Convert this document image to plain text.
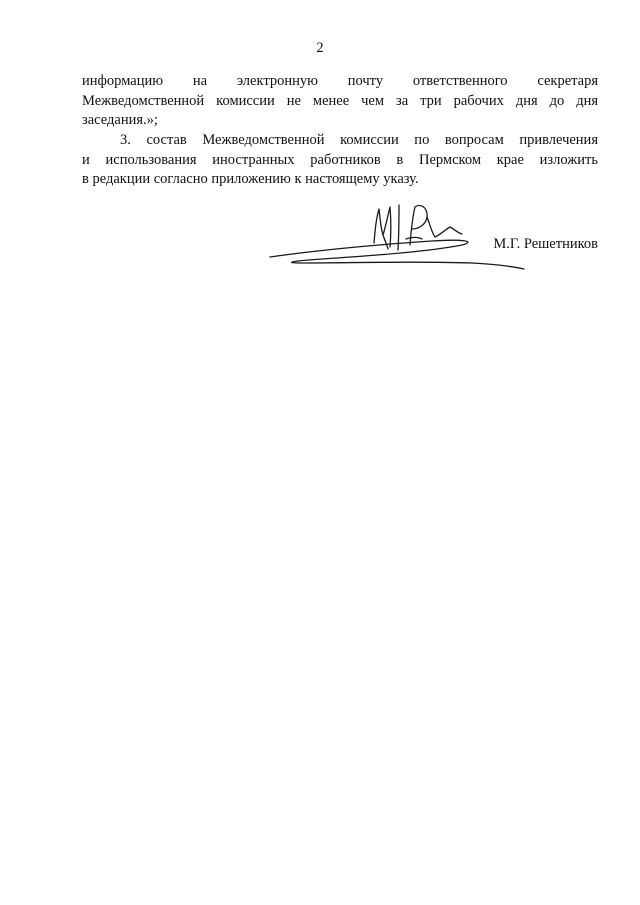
2
информацию на электронную почту ответственного секретаря
Межведомственной комиссии не менее чем за три рабочих дня до дня
заседания.»;
3. состав Межведомственной комиссии по вопросам привлечения
и использования иностранных работников в Пермском крае изложить
в редакции согласно приложению к настоящему указу.
М.Г. Решетников
